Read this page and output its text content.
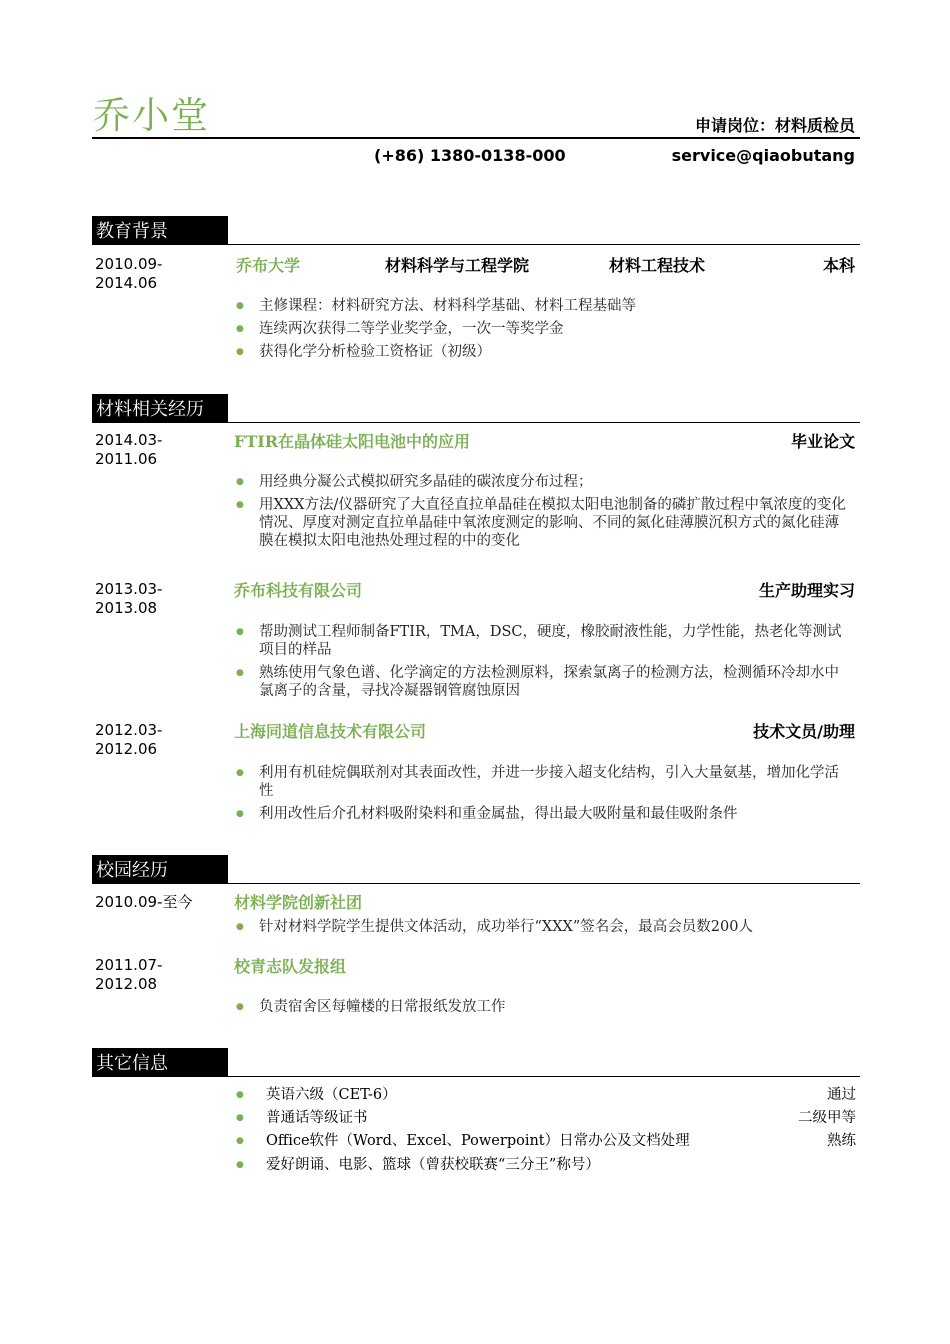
乔小堂	申请岗位：材料质检员
(+86) 1380-0138-000	service@qiaobutang
教育背景
2010.09-
2014.06
乔布大学	材料科学与工程学院	材料工程技术	本科
● 主修课程：材料研究方法、材料科学基础、材料工程基础等
● 连续两次获得二等学业奖学金，一次一等奖学金
● 获得化学分析检验工资格证（初级）
材料相关经历
2014.03-
2011.06
FTIR在晶体硅太阳电池中的应用	毕业论文
● 用经典分凝公式模拟研究多晶硅的碳浓度分布过程；
● 用XXX方法/仪器研究了大直径直拉单晶硅在模拟太阳电池制备的磷扩散过程中氧浓度的变化情况、厚度对测定直拉单晶硅中氧浓度测定的影响、不同的氮化硅薄膜沉积方式的氮化硅薄膜在模拟太阳电池热处理过程的中的变化
2013.03-
2013.08
乔布科技有限公司	生产助理实习
● 帮助测试工程师制备FTIR，TMA，DSC，硬度，橡胶耐液性能，力学性能，热老化等测试项目的样品
● 熟练使用气象色谱、化学滴定的方法检测原料，探索氯离子的检测方法，检测循环冷却水中氯离子的含量，寻找冷凝器钢管腐蚀原因
2012.03-
2012.06
上海同道信息技术有限公司	技术文员/助理
● 利用有机硅烷偶联剂对其表面改性，并进一步接入超支化结构，引入大量氨基，增加化学活性
● 利用改性后介孔材料吸附染料和重金属盐，得出最大吸附量和最佳吸附条件
校园经历
2010.09-至今	材料学院创新社团
● 针对材料学院学生提供文体活动，成功举行“XXX”签名会，最高会员数200人
2011.07-
2012.08
校青志队发报组
● 负责宿舍区每幢楼的日常报纸发放工作
其它信息
● 英语六级（CET-6）	通过
● 普通话等级证书	二级甲等
● Office软件（Word、Excel、Powerpoint）日常办公及文档处理	熟练
● 爱好朗诵、电影、篮球（曾获校联赛“三分王”称号）
